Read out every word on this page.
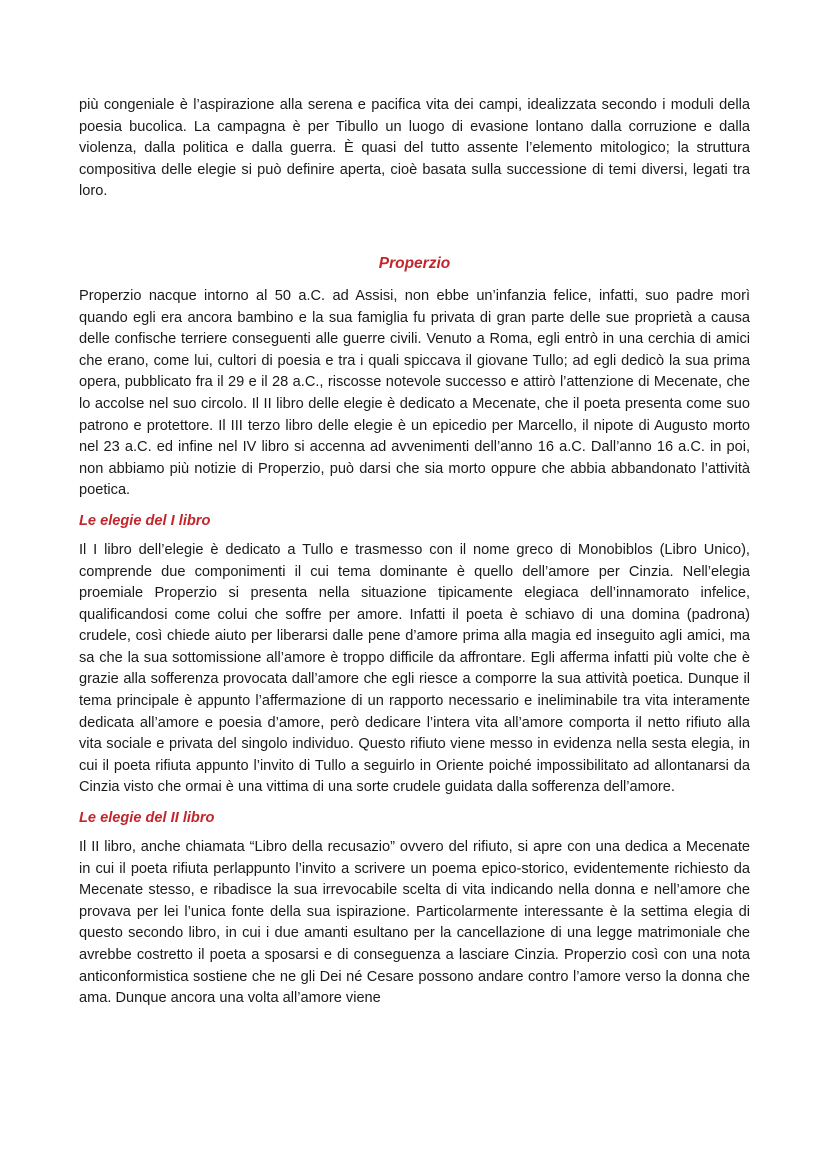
più congeniale è l’aspirazione alla serena e pacifica vita dei campi, idealizzata secondo i moduli della poesia bucolica. La campagna è per Tibullo un luogo di evasione lontano dalla corruzione e dalla violenza, dalla politica e dalla guerra. È quasi del tutto assente l’elemento mitologico; la struttura compositiva delle elegie si può definire aperta, cioè basata sulla successione di temi diversi, legati tra loro.

Properzio

Properzio nacque intorno al 50 a.C. ad Assisi, non ebbe un’infanzia felice, infatti, suo padre morì quando egli era ancora bambino e la sua famiglia fu privata di gran parte delle sue proprietà a causa delle confische terriere conseguenti alle guerre civili. Venuto a Roma, egli entrò in una cerchia di amici che erano, come lui, cultori di poesia e tra i quali spiccava il giovane Tullo; ad egli dedicò la sua prima opera, pubblicato fra il 29 e il 28 a.C., riscosse notevole successo e attirò l’attenzione di Mecenate, che lo accolse nel suo circolo. Il II libro delle elegie è dedicato a Mecenate, che il poeta presenta come suo patrono e protettore. Il III terzo libro delle elegie è un epicedio per Marcello, il nipote di Augusto morto nel 23 a.C. ed infine nel IV libro si accenna ad avvenimenti dell’anno 16 a.C. Dall’anno 16 a.C. in poi, non abbiamo più notizie di Properzio, può darsi che sia morto oppure che abbia abbandonato l’attività poetica.

Le elegie del I libro

Il I libro dell’elegie è dedicato a Tullo e trasmesso con il nome greco di Monobiblos (Libro Unico), comprende due componimenti il cui tema dominante è quello dell’amore per Cinzia. Nell’elegia proemiale Properzio si presenta nella situazione tipicamente elegiaca dell’innamorato infelice, qualificandosi come colui che soffre per amore. Infatti il poeta è schiavo di una domina (padrona) crudele, così chiede aiuto per liberarsi dalle pene d’amore prima alla magia ed inseguito agli amici, ma sa che la sua sottomissione all’amore è troppo difficile da affrontare. Egli afferma infatti più volte che è grazie alla sofferenza provocata dall’amore che egli riesce a comporre la sua attività poetica. Dunque il tema principale è appunto l’affermazione di un rapporto necessario e ineliminabile tra vita interamente dedicata all’amore e poesia d’amore, però dedicare l’intera vita all’amore comporta il netto rifiuto alla vita sociale e privata del singolo individuo. Questo rifiuto viene messo in evidenza nella sesta elegia, in cui il poeta rifiuta appunto l’invito di Tullo a seguirlo in Oriente poiché impossibilitato ad allontanarsi da Cinzia visto che ormai è una vittima di una sorte crudele guidata dalla sofferenza dell’amore.

Le elegie del II libro

Il II libro, anche chiamata “Libro della recusazio” ovvero del rifiuto, si apre con una dedica a Mecenate in cui il poeta rifiuta perlappunto l’invito a scrivere un poema epico-storico, evidentemente richiesto da Mecenate stesso, e ribadisce la sua irrevocabile scelta di vita indicando nella donna e nell’amore che provava per lei l’unica fonte della sua ispirazione. Particolarmente interessante è la settima elegia di questo secondo libro, in cui i due amanti esultano per la cancellazione di una legge matrimoniale che avrebbe costretto il poeta a sposarsi e di conseguenza a lasciare Cinzia. Properzio così con una nota anticonformistica sostiene che ne gli Dei né Cesare possono andare contro l’amore verso la donna che ama. Dunque ancora una volta all’amore viene
